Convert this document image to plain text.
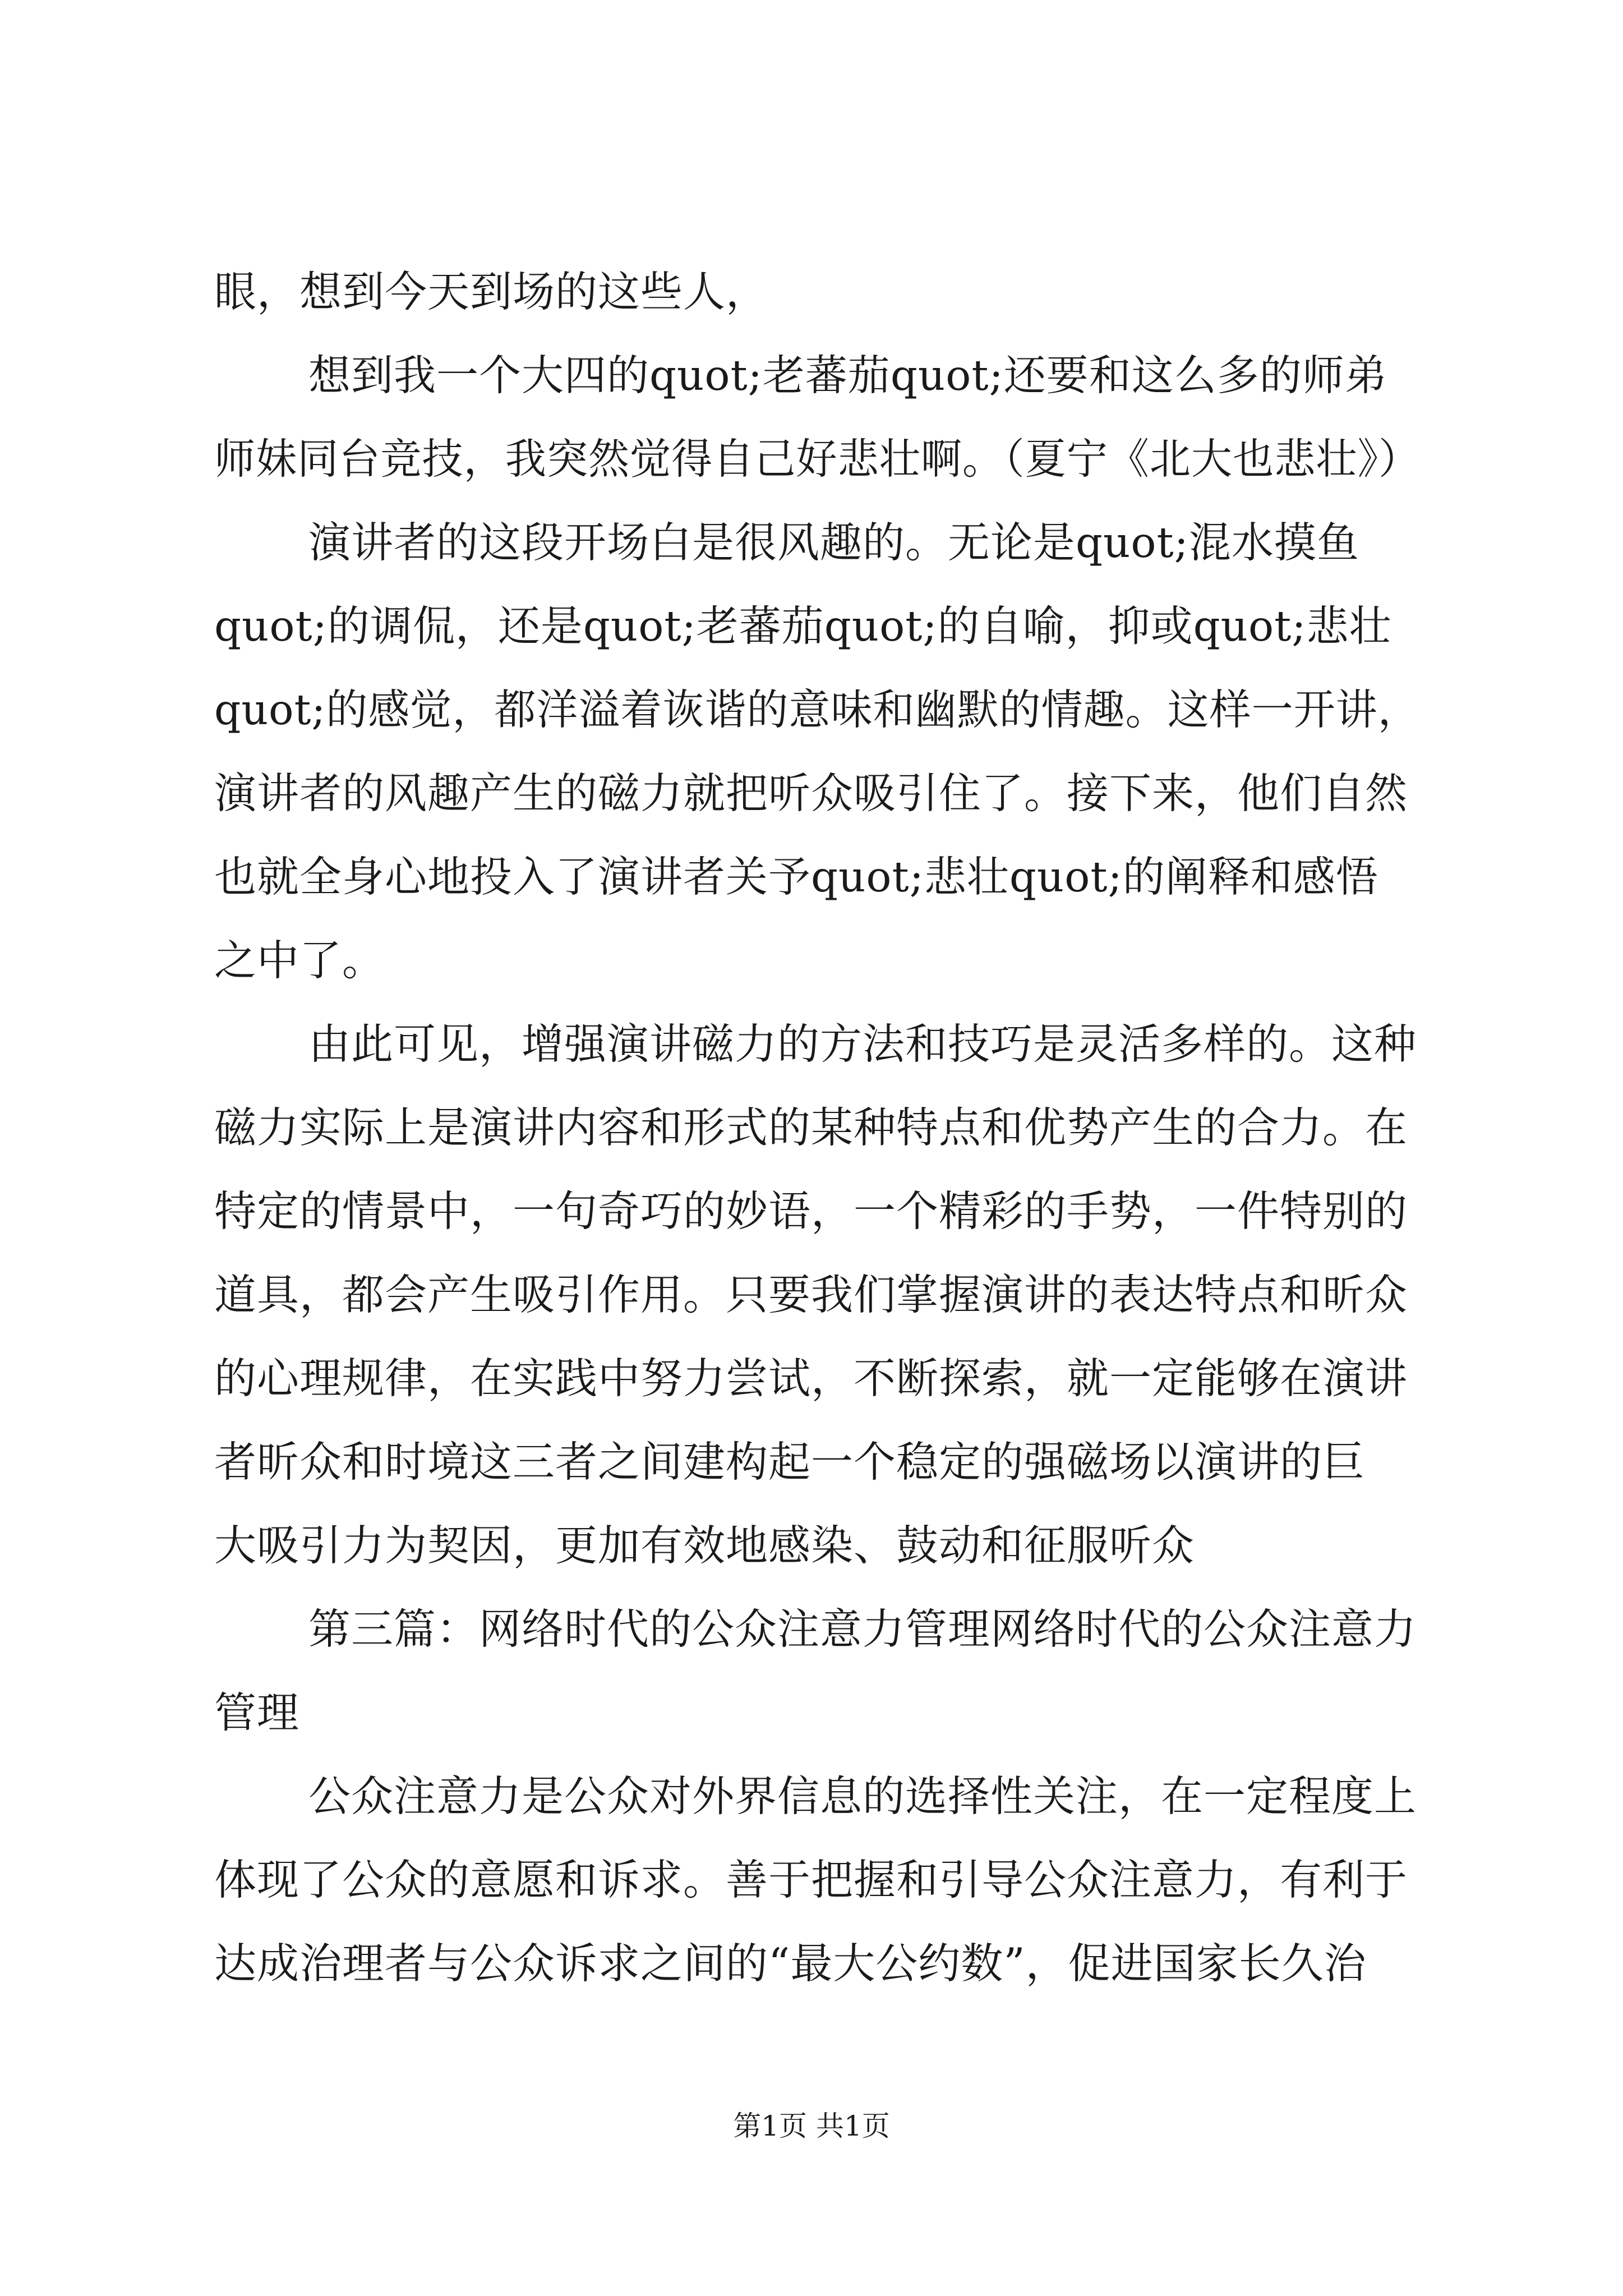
眼，想到今天到场的这些人，
想到我一个大四的quot;老蕃茄quot;还要和这么多的师弟
师妹同台竞技，我突然觉得自己好悲壮啊。（夏宁《北大也悲壮》）
演讲者的这段开场白是很风趣的。无论是quot;混水摸鱼
quot;的调侃，还是quot;老蕃茄quot;的自喻，抑或quot;悲壮
quot;的感觉，都洋溢着诙谐的意味和幽默的情趣。这样一开讲，
演讲者的风趣产生的磁力就把听众吸引住了。接下来，他们自然
也就全身心地投入了演讲者关予quot;悲壮quot;的阐释和感悟
之中了。
由此可见，增强演讲磁力的方法和技巧是灵活多样的。这种
磁力实际上是演讲内容和形式的某种特点和优势产生的合力。在
特定的情景中，一句奇巧的妙语，一个精彩的手势，一件特别的
道具，都会产生吸引作用。只要我们掌握演讲的表达特点和昕众
的心理规律，在实践中努力尝试，不断探索，就一定能够在演讲
者昕众和时境这三者之间建构起一个稳定的强磁场以演讲的巨
大吸引力为契因，更加有效地感染、鼓动和征服听众
第三篇：网络时代的公众注意力管理网络时代的公众注意力
管理
公众注意力是公众对外界信息的选择性关注，在一定程度上
体现了公众的意愿和诉求。善于把握和引导公众注意力，有利于
达成治理者与公众诉求之间的“最大公约数”，促进国家长久治
第1页 共1页
